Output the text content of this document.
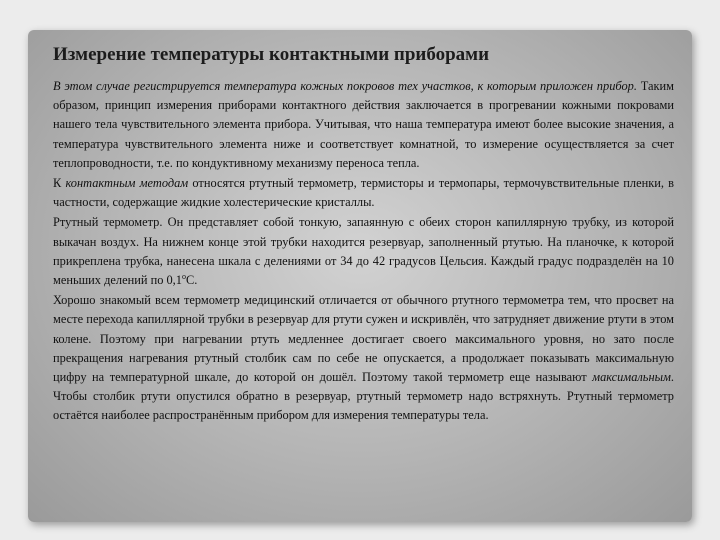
Измерение температуры контактными приборами

В этом случае регистрируется температура кожных покровов тех участков, к которым приложен прибор. Таким образом, принцип измерения приборами контактного действия заключается в прогревании кожными покровами нашего тела чувствительного элемента прибора. Учитывая, что наша температура имеют более высокие значения, а температура чувствительного элемента ниже и соответствует комнатной, то измерение осуществляется за счет теплопроводности, т.е. по кондуктивному механизму переноса тепла.

К контактным методам относятся ртутный термометр, термисторы и термопары, термочувствительные пленки, в частности, содержащие жидкие холестерические кристаллы.

Ртутный термометр. Он представляет собой тонкую, запаянную с обеих сторон капиллярную трубку, из которой выкачан воздух. На нижнем конце этой трубки находится резервуар, заполненный ртутью. На планочке, к которой прикреплена трубка, нанесена шкала с делениями от 34 до 42 градусов Цельсия. Каждый градус подразделён на 10 меньших делений по $0,1^оС$.

Хорошо знакомый всем термометр медицинский отличается от обычного ртутного термометра тем, что просвет на месте перехода капиллярной трубки в резервуар для ртути сужен и искривлён, что затрудняет движение ртути в этом колене. Поэтому при нагревании ртуть медленнее достигает своего максимального уровня, но зато после прекращения нагревания ртутный столбик сам по себе не опускается, а продолжает показывать максимальную цифру на температурной шкале, до которой он дошёл. Поэтому такой термометр еще называют максимальным. Чтобы столбик ртути опустился обратно в резервуар, ртутный термометр надо встряхнуть. Ртутный термометр остаётся наиболее распространённым прибором для измерения температуры тела.
